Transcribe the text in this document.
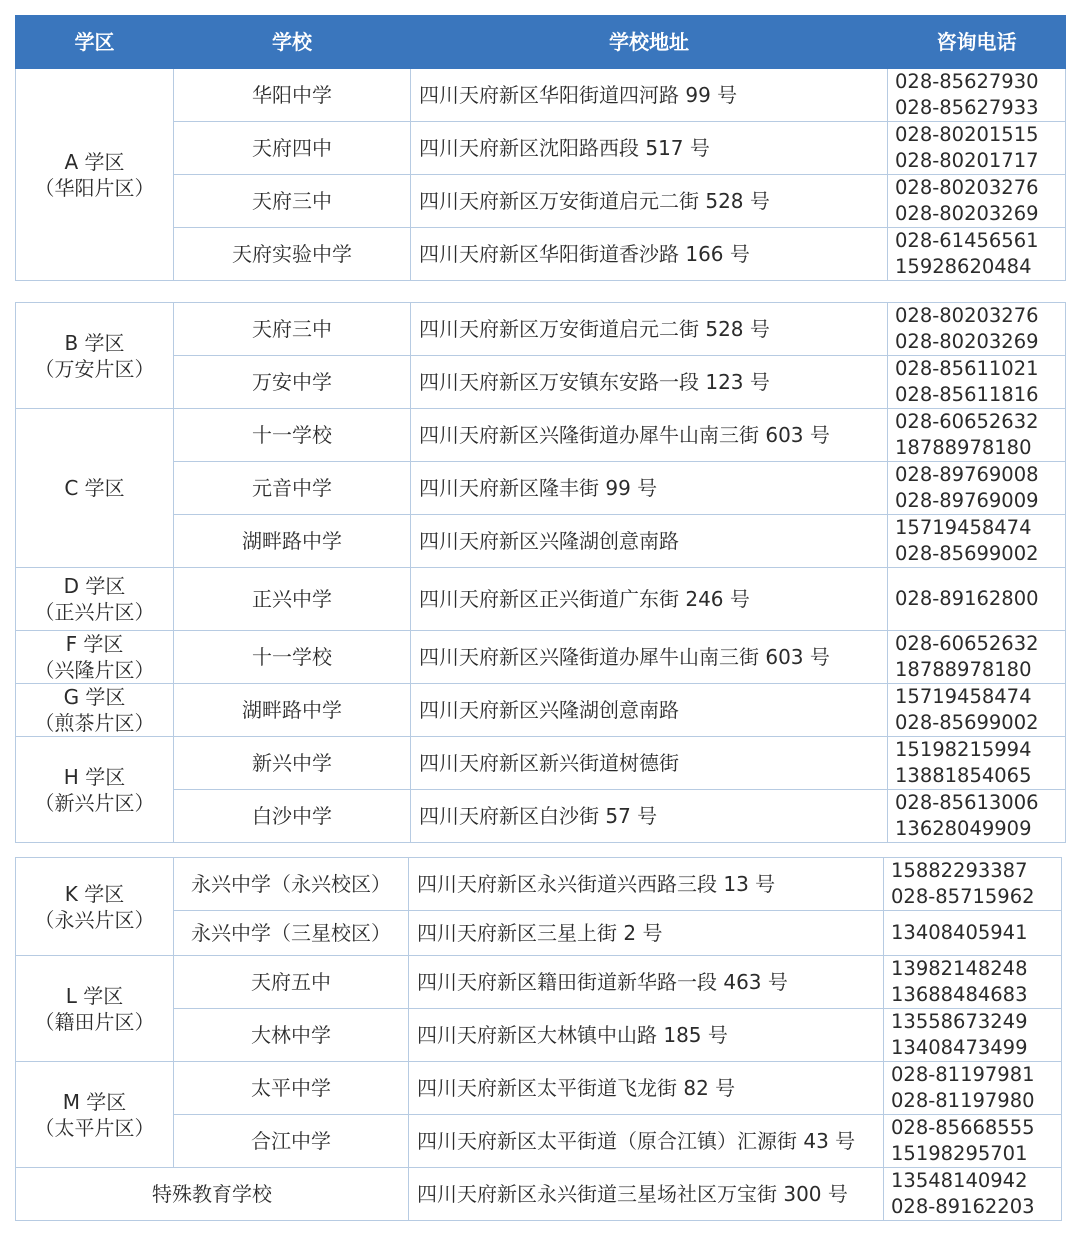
学区	学校	学校地址	咨询电话

A 学区
（华阳片区）	华阳中学	四川天府新区华阳街道四河路 99 号	028-85627930
028-85627933

	天府四中	四川天府新区沈阳路西段 517 号	028-80201515
028-80201717

	天府三中	四川天府新区万安街道启元二街 528 号	028-80203276
028-80203269

	天府实验中学	四川天府新区华阳街道香沙路 166 号	028-61456561
15928620484
B 学区
（万安片区）	天府三中	四川天府新区万安街道启元二街 528 号	028-80203276
028-80203269

	万安中学	四川天府新区万安镇东安路一段 123 号	028-85611021
028-85611816

C 学区	十一学校	四川天府新区兴隆街道办犀牛山南三街 603 号	028-60652632
18788978180

	元音中学	四川天府新区隆丰街 99 号	028-89769008
028-89769009

	湖畔路中学	四川天府新区兴隆湖创意南路	15719458474
028-85699002

D 学区
（正兴片区）	正兴中学	四川天府新区正兴街道广东街 246 号	028-89162800

F 学区
（兴隆片区）	十一学校	四川天府新区兴隆街道办犀牛山南三街 603 号	028-60652632
18788978180

G 学区
（煎茶片区）	湖畔路中学	四川天府新区兴隆湖创意南路	15719458474
028-85699002

H 学区
（新兴片区）	新兴中学	四川天府新区新兴街道树德街	15198215994
13881854065

	白沙中学	四川天府新区白沙街 57 号	028-85613006
13628049909
K 学区
（永兴片区）	永兴中学（永兴校区）	四川天府新区永兴街道兴西路三段 13 号	15882293387
028-85715962

	永兴中学（三星校区）	四川天府新区三星上街 2 号	13408405941

L 学区
（籍田片区）	天府五中	四川天府新区籍田街道新华路一段 463 号	13982148248
13688484683

	大林中学	四川天府新区大林镇中山路 185 号	13558673249
13408473499

M 学区
（太平片区）	太平中学	四川天府新区太平街道飞龙街 82 号	028-81197981
028-81197980

	合江中学	四川天府新区太平街道（原合江镇）汇源街 43 号	028-85668555
15198295701

特殊教育学校		四川天府新区永兴街道三星场社区万宝街 300 号	13548140942
028-89162203
